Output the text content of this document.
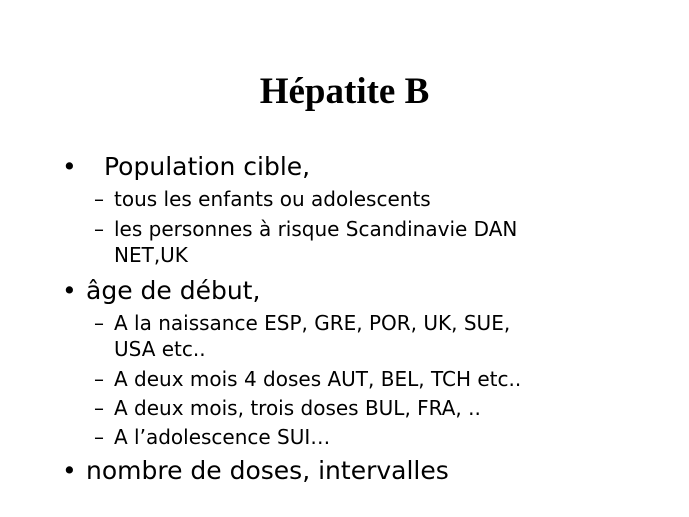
Hépatite B
• Population cible,
– tous les enfants ou adolescents
– les personnes à risque Scandinavie DAN
NET,UK
• âge de début,
– A la naissance ESP, GRE, POR, UK, SUE,
USA etc..
– A deux mois 4 doses AUT, BEL, TCH etc..
– A deux mois, trois doses BUL, FRA, ..
– A l’adolescence SUI…
• nombre de doses, intervalles
